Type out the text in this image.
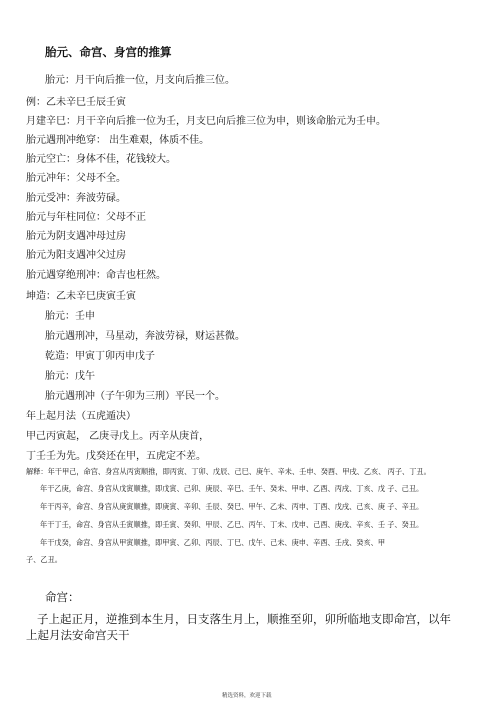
胎元、命宫、身宫的推算
胎元：月干向后推一位，月支向后推三位。
例：乙未辛巳壬辰壬寅
月建辛巳：月干辛向后推一位为壬，月支巳向后推三位为申，则该命胎元为壬申。
胎元遇刑冲绝穿： 出生难艰，体质不佳。
胎元空亡：身体不佳，花钱较大。
胎元冲年：父母不全。
胎元受冲：奔波劳碌。
胎元与年柱同位：父母不正
胎元为阴支遇冲母过房
胎元为阳支遇冲父过房
胎元遇穿绝刑冲：命吉也枉然。
坤造：乙未辛巳庚寅壬寅
胎元：壬申
胎元遇刑冲，马星动，奔波劳禄，财运甚微。
乾造：甲寅丁卯丙申戊子
胎元：戊午
胎元遇刑冲（子午卯为三刑）平民一个。
年上起月法（五虎遁决）
甲己丙寅起， 乙庚寻戊上。丙辛从庚首，
丁壬壬为先。戊癸还在甲，五虎定不差。
解释：年干甲己，命宫、身宫从丙寅顺推，即丙寅、丁卯、戊辰、己巳、庚午、辛未、壬申、癸酉、甲戌、乙亥、 丙子、丁丑。
年干乙庚，命宫、身宫从戊寅顺推，即戊寅、己卯、庚辰、辛巳、壬午、癸未、甲申、乙酉、丙戌、丁亥、戊 子、己丑。
年干丙辛，命宫、身宫从庚寅顺推，即庚寅、辛卯、壬辰、癸巳、甲午、乙未、丙申、丁酉、戊戌、己亥、庚 子、辛丑。
年干丁壬，命宫、身宫从壬寅顺推，即壬寅、癸卯、甲辰、乙巳、丙午、丁未、戊申、己酉、庚戌、辛亥、壬 子、癸丑。
年干戊癸，命宫、身宫从甲寅顺推，即甲寅、乙卯、丙辰、丁巳、戊午、己未、庚申、辛酉、壬戌、癸亥、甲
子、乙丑。
命宫：
子上起正月，逆推到本生月，日支落生月上，顺推至卯，卯所临地支即命宫，以年
上起月法安命宫天干
精选资料，欢迎下载
